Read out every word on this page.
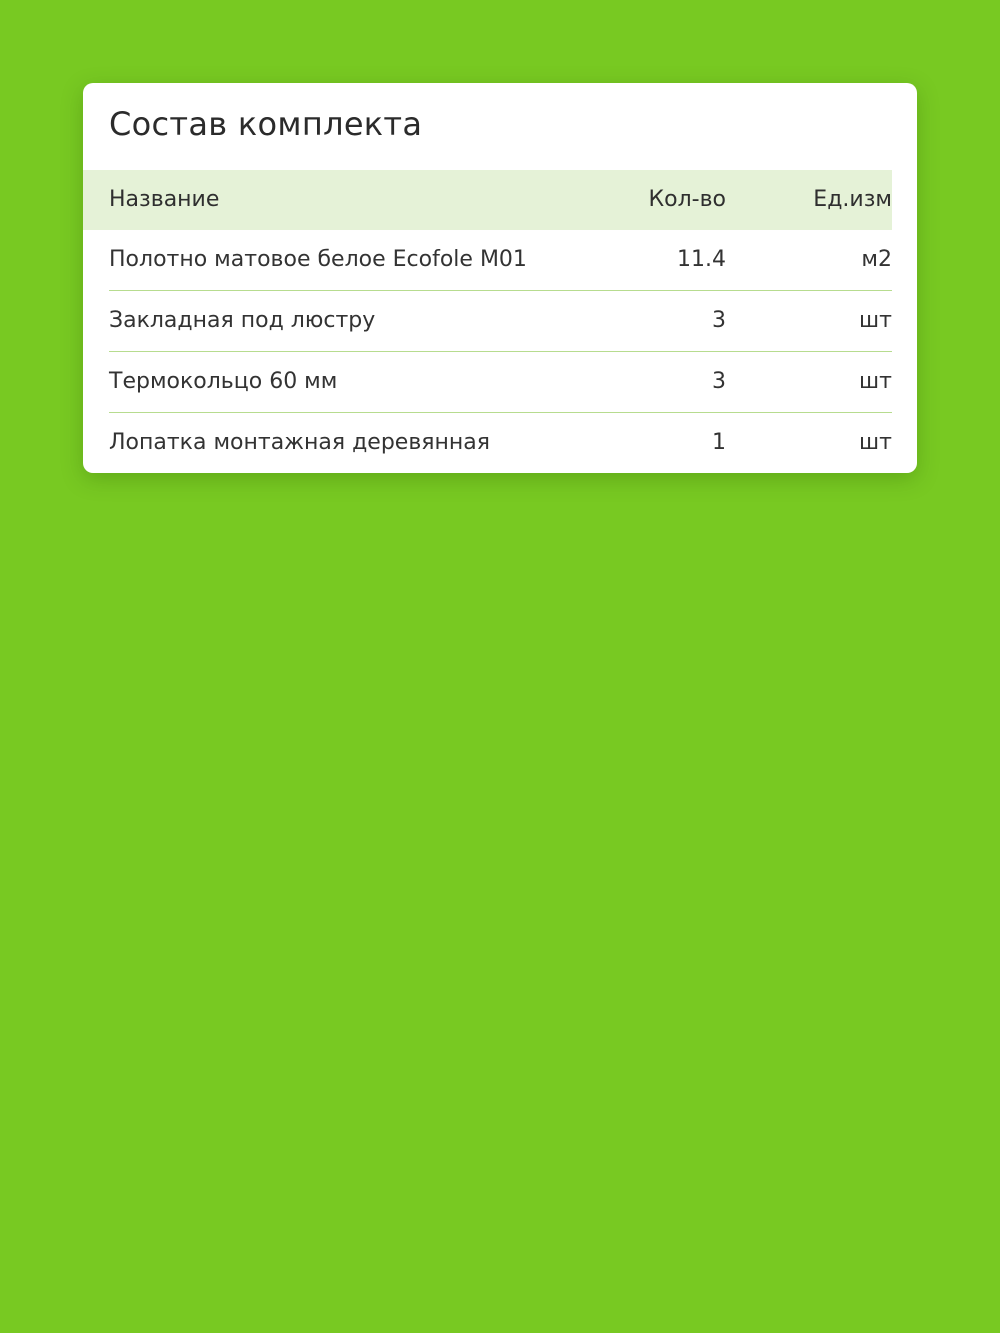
Состав комплекта
Название	Кол-во	Ед.изм
Полотно матовое белое Ecofole M01	11.4	м2
Закладная под люстру	3	шт
Термокольцо 60 мм	3	шт
Лопатка монтажная деревянная	1	шт
